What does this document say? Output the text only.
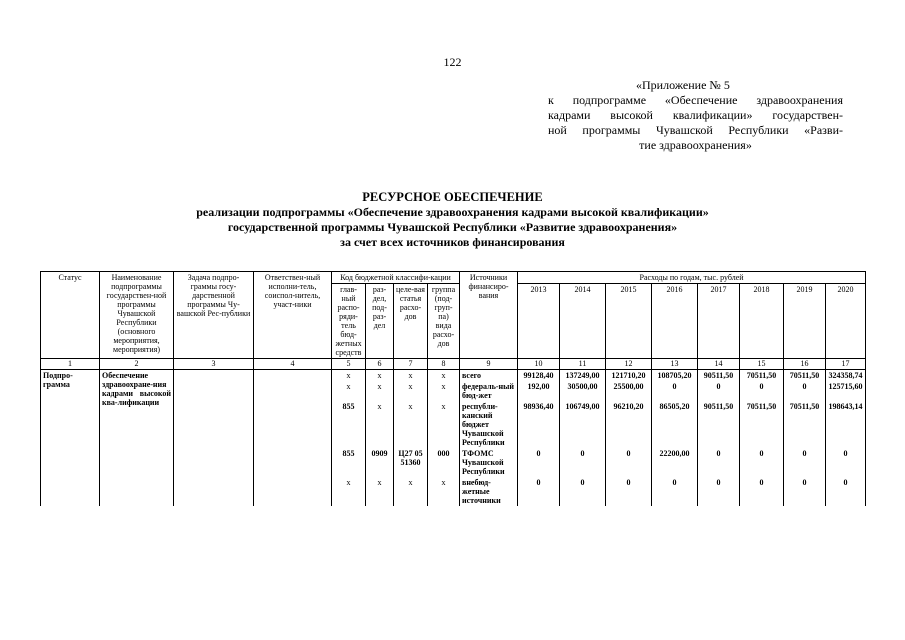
122
«Приложение № 5
к подпрограмме «Обеспечение здравоохранения
кадрами высокой квалификации» государствен-
ной программы Чувашской Республики «Разви-
тие здравоохранения»
РЕСУРСНОЕ ОБЕСПЕЧЕНИЕ
реализации подпрограммы «Обеспечение здравоохранения кадрами высокой квалификации»
государственной программы Чувашской Республики «Развитие здравоохранения»
за счет всех источников финансирования
Статус	Наименование подпрограммы государствен-ной программы Чувашской Республики (основного мероприятия, мероприятия)	Задача подпро-граммы госу-дарственной программы Чу-вашской Рес-публики	Ответствен-ный исполни-тель, соиспол-нитель, участ-ники	Код бюджетной классифи-кации				Источники финансиро-вания	Расходы по годам, тыс. рублей							
				глав-ный распо-ряди-тель бюд-жетных средств	раз-дел, под-раз-дел	целе-вая статья расхо-дов	группа (под-груп-па) вида расхо-дов		2013	2014	2015	2016	2017	2018	2019	2020
1	2	3	4	5	6	7	8	9	10	11	12	13	14	15	16	17
Подпро-грамма	Обеспечение здравоохране-ния кадрами высокой ква-лификации			х	х	х	х	всего	99128,40	137249,00	121710,20	108705,20	90511,50	70511,50	70511,50	324358,74
				х	х	х	х	федераль-ный бюд-жет	192,00	30500,00	25500,00	0	0	0	0	125715,60
				855	х	х	х	республи-канский бюджет Чувашской Республики	98936,40	106749,00	96210,20	86505,20	90511,50	70511,50	70511,50	198643,14
				855	0909	Ц27 05 51360	000	ТФОМС Чувашской Республики	0	0	0	22200,00	0	0	0	0
				х	х	х	х	внебюд-жетные источники	0	0	0	0	0	0	0	0
